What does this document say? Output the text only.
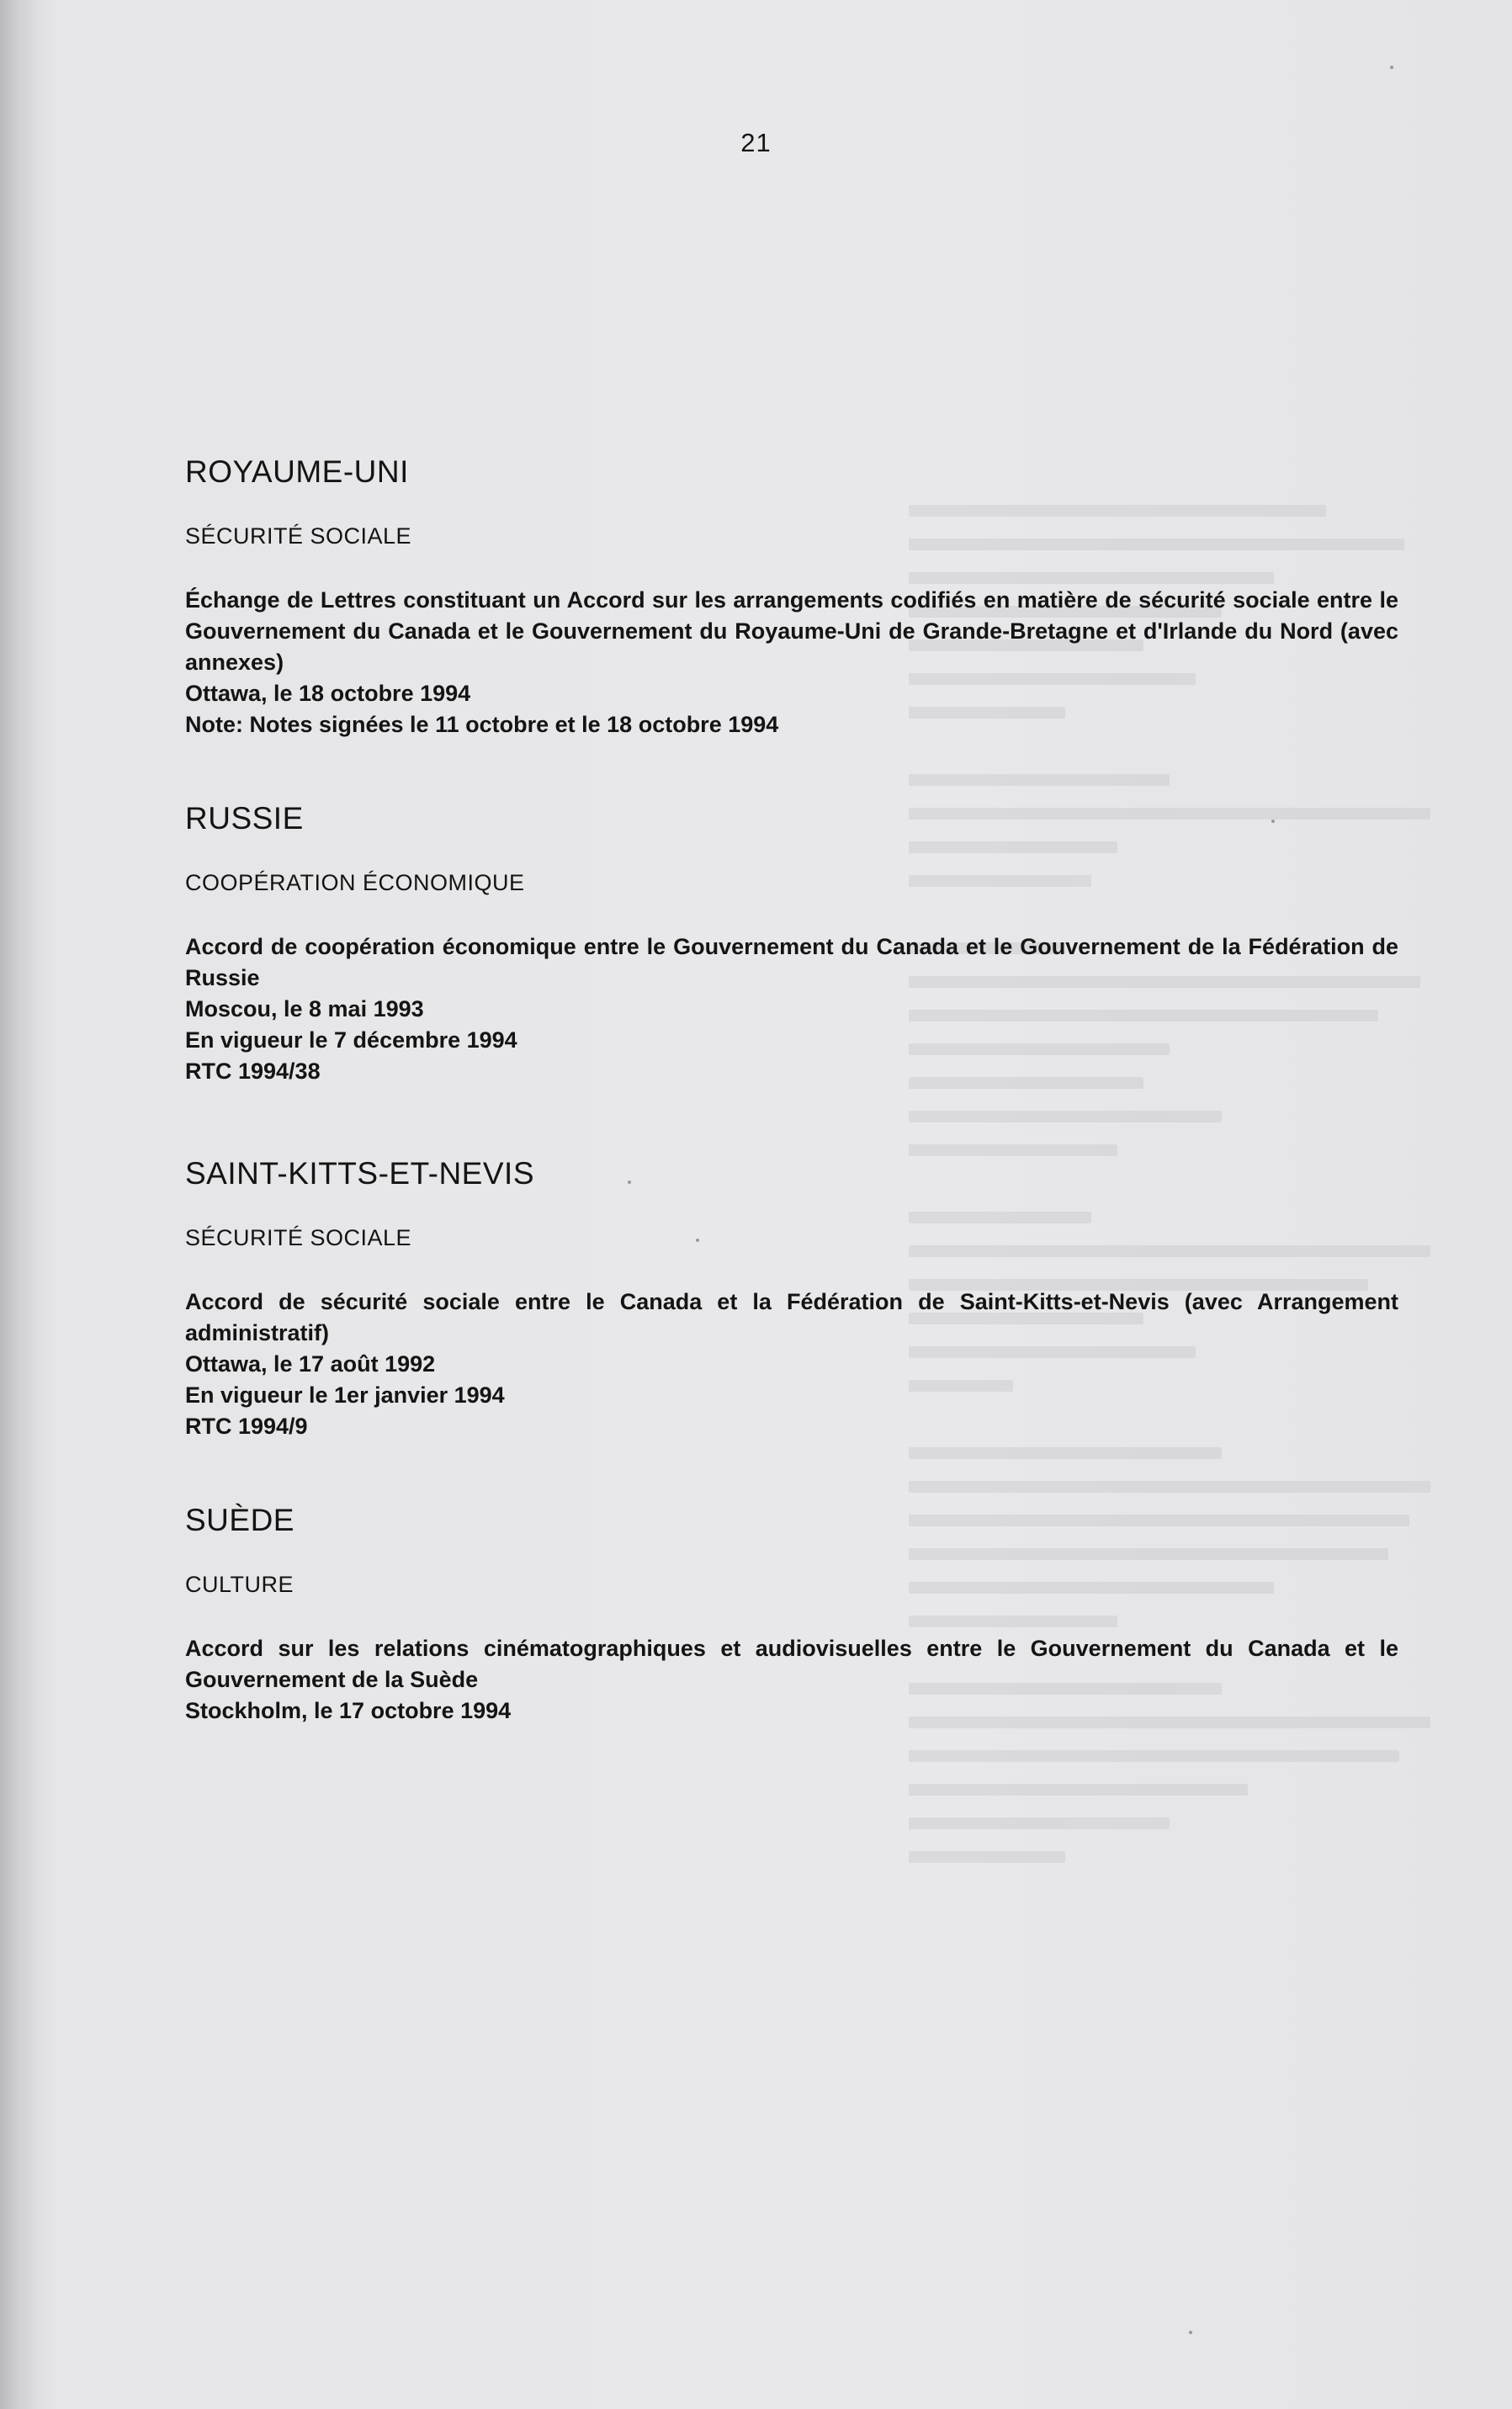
21
ROYAUME-UNI
SÉCURITÉ SOCIALE

Échange de Lettres constituant un Accord sur les arrangements codifiés en matière de sécurité sociale entre le Gouvernement du Canada et le Gouvernement du Royaume-Uni de Grande-Bretagne et d'Irlande du Nord (avec annexes)

Ottawa, le 18 octobre 1994

Note: Notes signées le 11 octobre et le 18 octobre 1994

RUSSIE
COOPÉRATION ÉCONOMIQUE

Accord de coopération économique entre le Gouvernement du Canada et le Gouvernement de la Fédération de Russie

Moscou, le 8 mai 1993

En vigueur le 7 décembre 1994

RTC 1994/38

SAINT-KITTS-ET-NEVIS
SÉCURITÉ SOCIALE

Accord de sécurité sociale entre le Canada et la Fédération de Saint-Kitts-et-Nevis (avec Arrangement administratif)

Ottawa, le 17 août 1992

En vigueur le 1er janvier 1994

RTC 1994/9

SUÈDE
CULTURE

Accord sur les relations cinématographiques et audiovisuelles entre le Gouvernement du Canada et le Gouvernement de la Suède

Stockholm, le 17 octobre 1994
